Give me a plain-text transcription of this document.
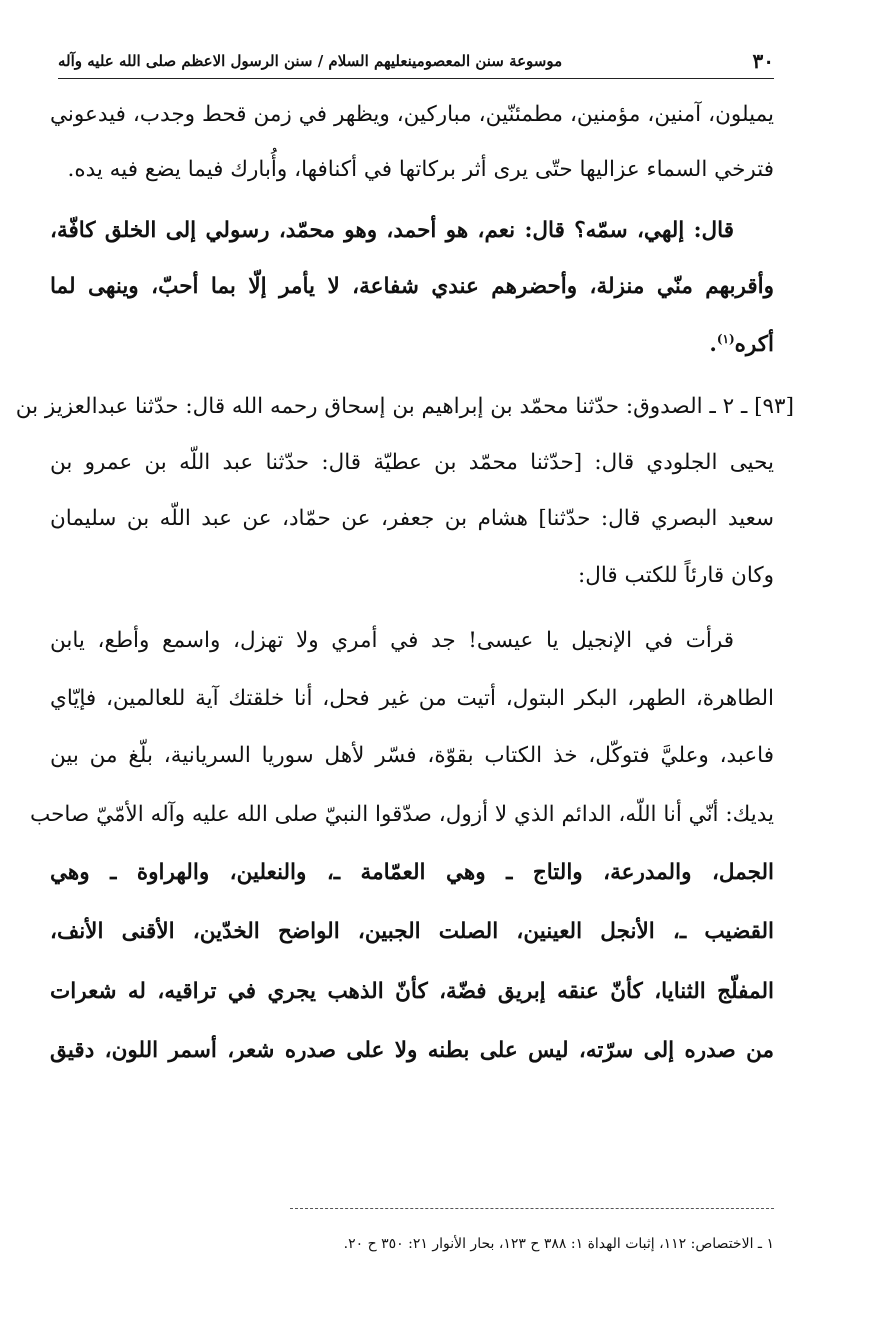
٣٠
موسوعة سنن المعصومينعليهم السلام / سنن الرسول الاعظم صلى الله عليه وآله
يميلون، آمنين، مؤمنين، مطمئنّين، مباركين، ويظهر في زمن قحط وجدب، فيدعوني
فترخي السماء عزاليها حتّى يرى أثر بركاتها في أكنافها، وأُبارك فيما يضع فيه يده.
قال: إلهي، سمّه؟ قال: نعم، هو أحمد، وهو محمّد، رسولي إلى الخلق كافّة،
وأقربهم منّي منزلة، وأحضرهم عندي شفاعة، لا يأمر إلّا بما أحبّ، وينهى لما
أكره$^{(١)}$.
[٩٣] ـ ٢ ـ الصدوق: حدّثنا محمّد بن إبراهيم بن إسحاق رحمه الله قال: حدّثنا عبدالعزيز بن
يحيى الجلودي قال: [حدّثنا محمّد بن عطيّة قال: حدّثنا عبد اللّه بن عمرو بن
سعيد البصري قال: حدّثنا] هشام بن جعفر، عن حمّاد، عن عبد اللّه بن سليمان
وكان قارئاً للكتب قال:
قرأت في الإنجيل يا عيسى! جد في أمري ولا تهزل، واسمع وأطع، يابن
الطاهرة، الطهر، البكر البتول، أتيت من غير فحل، أنا خلقتك آية للعالمين، فإيّاي
فاعبد، وعليَّ فتوكّل، خذ الكتاب بقوّة، فسّر لأهل سوريا السريانية، بلّغ من بين
يديك: أنّي أنا اللّه، الدائم الذي لا أزول، صدّقوا النبيّ صلى الله عليه وآله الأمّيّ صاحب
الجمل، والمدرعة، والتاج ـ وهي العمّامة ـ، والنعلين، والهراوة ـ وهي
القضيب ـ، الأنجل العينين، الصلت الجبين، الواضح الخدّين، الأقنى الأنف،
المفلّج الثنايا، كأنّ عنقه إبريق فضّة، كأنّ الذهب يجري في تراقيه، له شعرات
من صدره إلى سرّته، ليس على بطنه ولا على صدره شعر، أسمر اللون، دقيق
١ ـ الاختصاص: ١١٢، إثبات الهداة ١: ٣٨٨ ح ١٢٣، بحار الأنوار ٢١: ٣٥٠ ح ٢٠.
